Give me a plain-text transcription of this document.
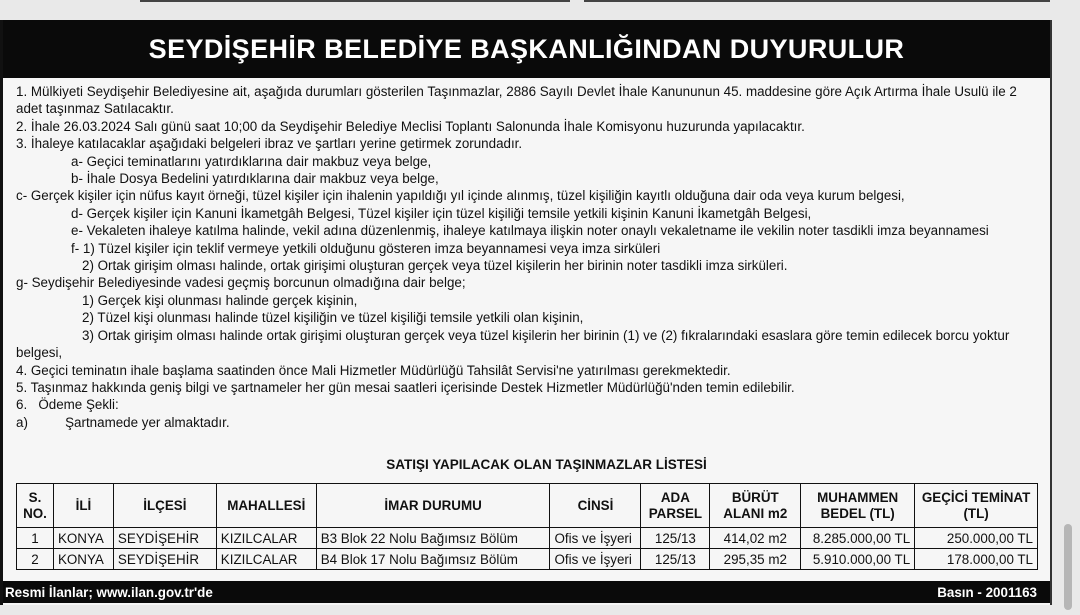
SEYDİŞEHİR BELEDİYE BAŞKANLIĞINDAN DUYURULUR

1. Mülkiyeti Seydişehir Belediyesine ait, aşağıda durumları gösterilen Taşınmazlar, 2886 Sayılı Devlet İhale Kanununun 45. maddesine göre Açık Artırma İhale Usulü ile 2 adet taşınmaz Satılacaktır.

2. İhale 26.03.2024 Salı günü saat 10;00 da Seydişehir Belediye Meclisi Toplantı Salonunda İhale Komisyonu huzurunda yapılacaktır.

3. İhaleye katılacaklar aşağıdaki belgeleri ibraz ve şartları yerine getirmek zorundadır.

a- Geçici teminatlarını yatırdıklarına dair makbuz veya belge,

b- İhale Dosya Bedelini yatırdıklarına dair makbuz veya belge,

c- Gerçek kişiler için nüfus kayıt örneği, tüzel kişiler için ihalenin yapıldığı yıl içinde alınmış, tüzel kişiliğin kayıtlı olduğuna dair oda veya kurum belgesi,

d- Gerçek kişiler için Kanuni İkametgâh Belgesi, Tüzel kişiler için tüzel kişiliği temsile yetkili kişinin Kanuni İkametgâh Belgesi,

e- Vekaleten ihaleye katılma halinde, vekil adına düzenlenmiş, ihaleye katılmaya ilişkin noter onaylı vekaletname ile vekilin noter tasdikli imza beyannamesi

f- 1) Tüzel kişiler için teklif vermeye yetkili olduğunu gösteren imza beyannamesi veya imza sirküleri

2) Ortak girişim olması halinde, ortak girişimi oluşturan gerçek veya tüzel kişilerin her birinin noter tasdikli imza sirküleri.

g- Seydişehir Belediyesinde vadesi geçmiş borcunun olmadığına dair belge;

1) Gerçek kişi olunması halinde gerçek kişinin,

2) Tüzel kişi olunması halinde tüzel kişiliğin ve tüzel kişiliği temsile yetkili olan kişinin,

3) Ortak girişim olması halinde ortak girişimi oluşturan gerçek veya tüzel kişilerin her birinin (1) ve (2) fıkralarındaki esaslara göre temin edilecek borcu yoktur belgesi,

4. Geçici teminatın ihale başlama saatinden önce Mali Hizmetler Müdürlüğü Tahsilât Servisi'ne yatırılması gerekmektedir.

5. Taşınmaz hakkında geniş bilgi ve şartnameler her gün mesai saatleri içerisinde Destek Hizmetler Müdürlüğü'nden temin edilebilir.

6.   Ödeme Şekli:

a)          Şartnamede yer almaktadır.

SATIŞI YAPILACAK OLAN TAŞINMAZLAR LİSTESİ
S. NO.	İLİ	İLÇESİ	MAHALLESİ	İMAR DURUMU	CİNSİ	ADA PARSEL	BÜRÜT ALANI m2	MUHAMMEN BEDEL (TL)	GEÇİCİ TEMİNAT (TL)
1	KONYA	SEYDİŞEHİR	KIZILCALAR	B3 Blok 22 Nolu Bağımsız Bölüm	Ofis ve İşyeri	125/13	414,02 m2	8.285.000,00 TL	250.000,00 TL
2	KONYA	SEYDİŞEHİR	KIZILCALAR	B4 Blok 17 Nolu Bağımsız Bölüm	Ofis ve İşyeri	125/13	295,35 m2	5.910.000,00 TL	178.000,00 TL
Resmi İlanlar; www.ilan.gov.tr'de	Basın - 2001163
